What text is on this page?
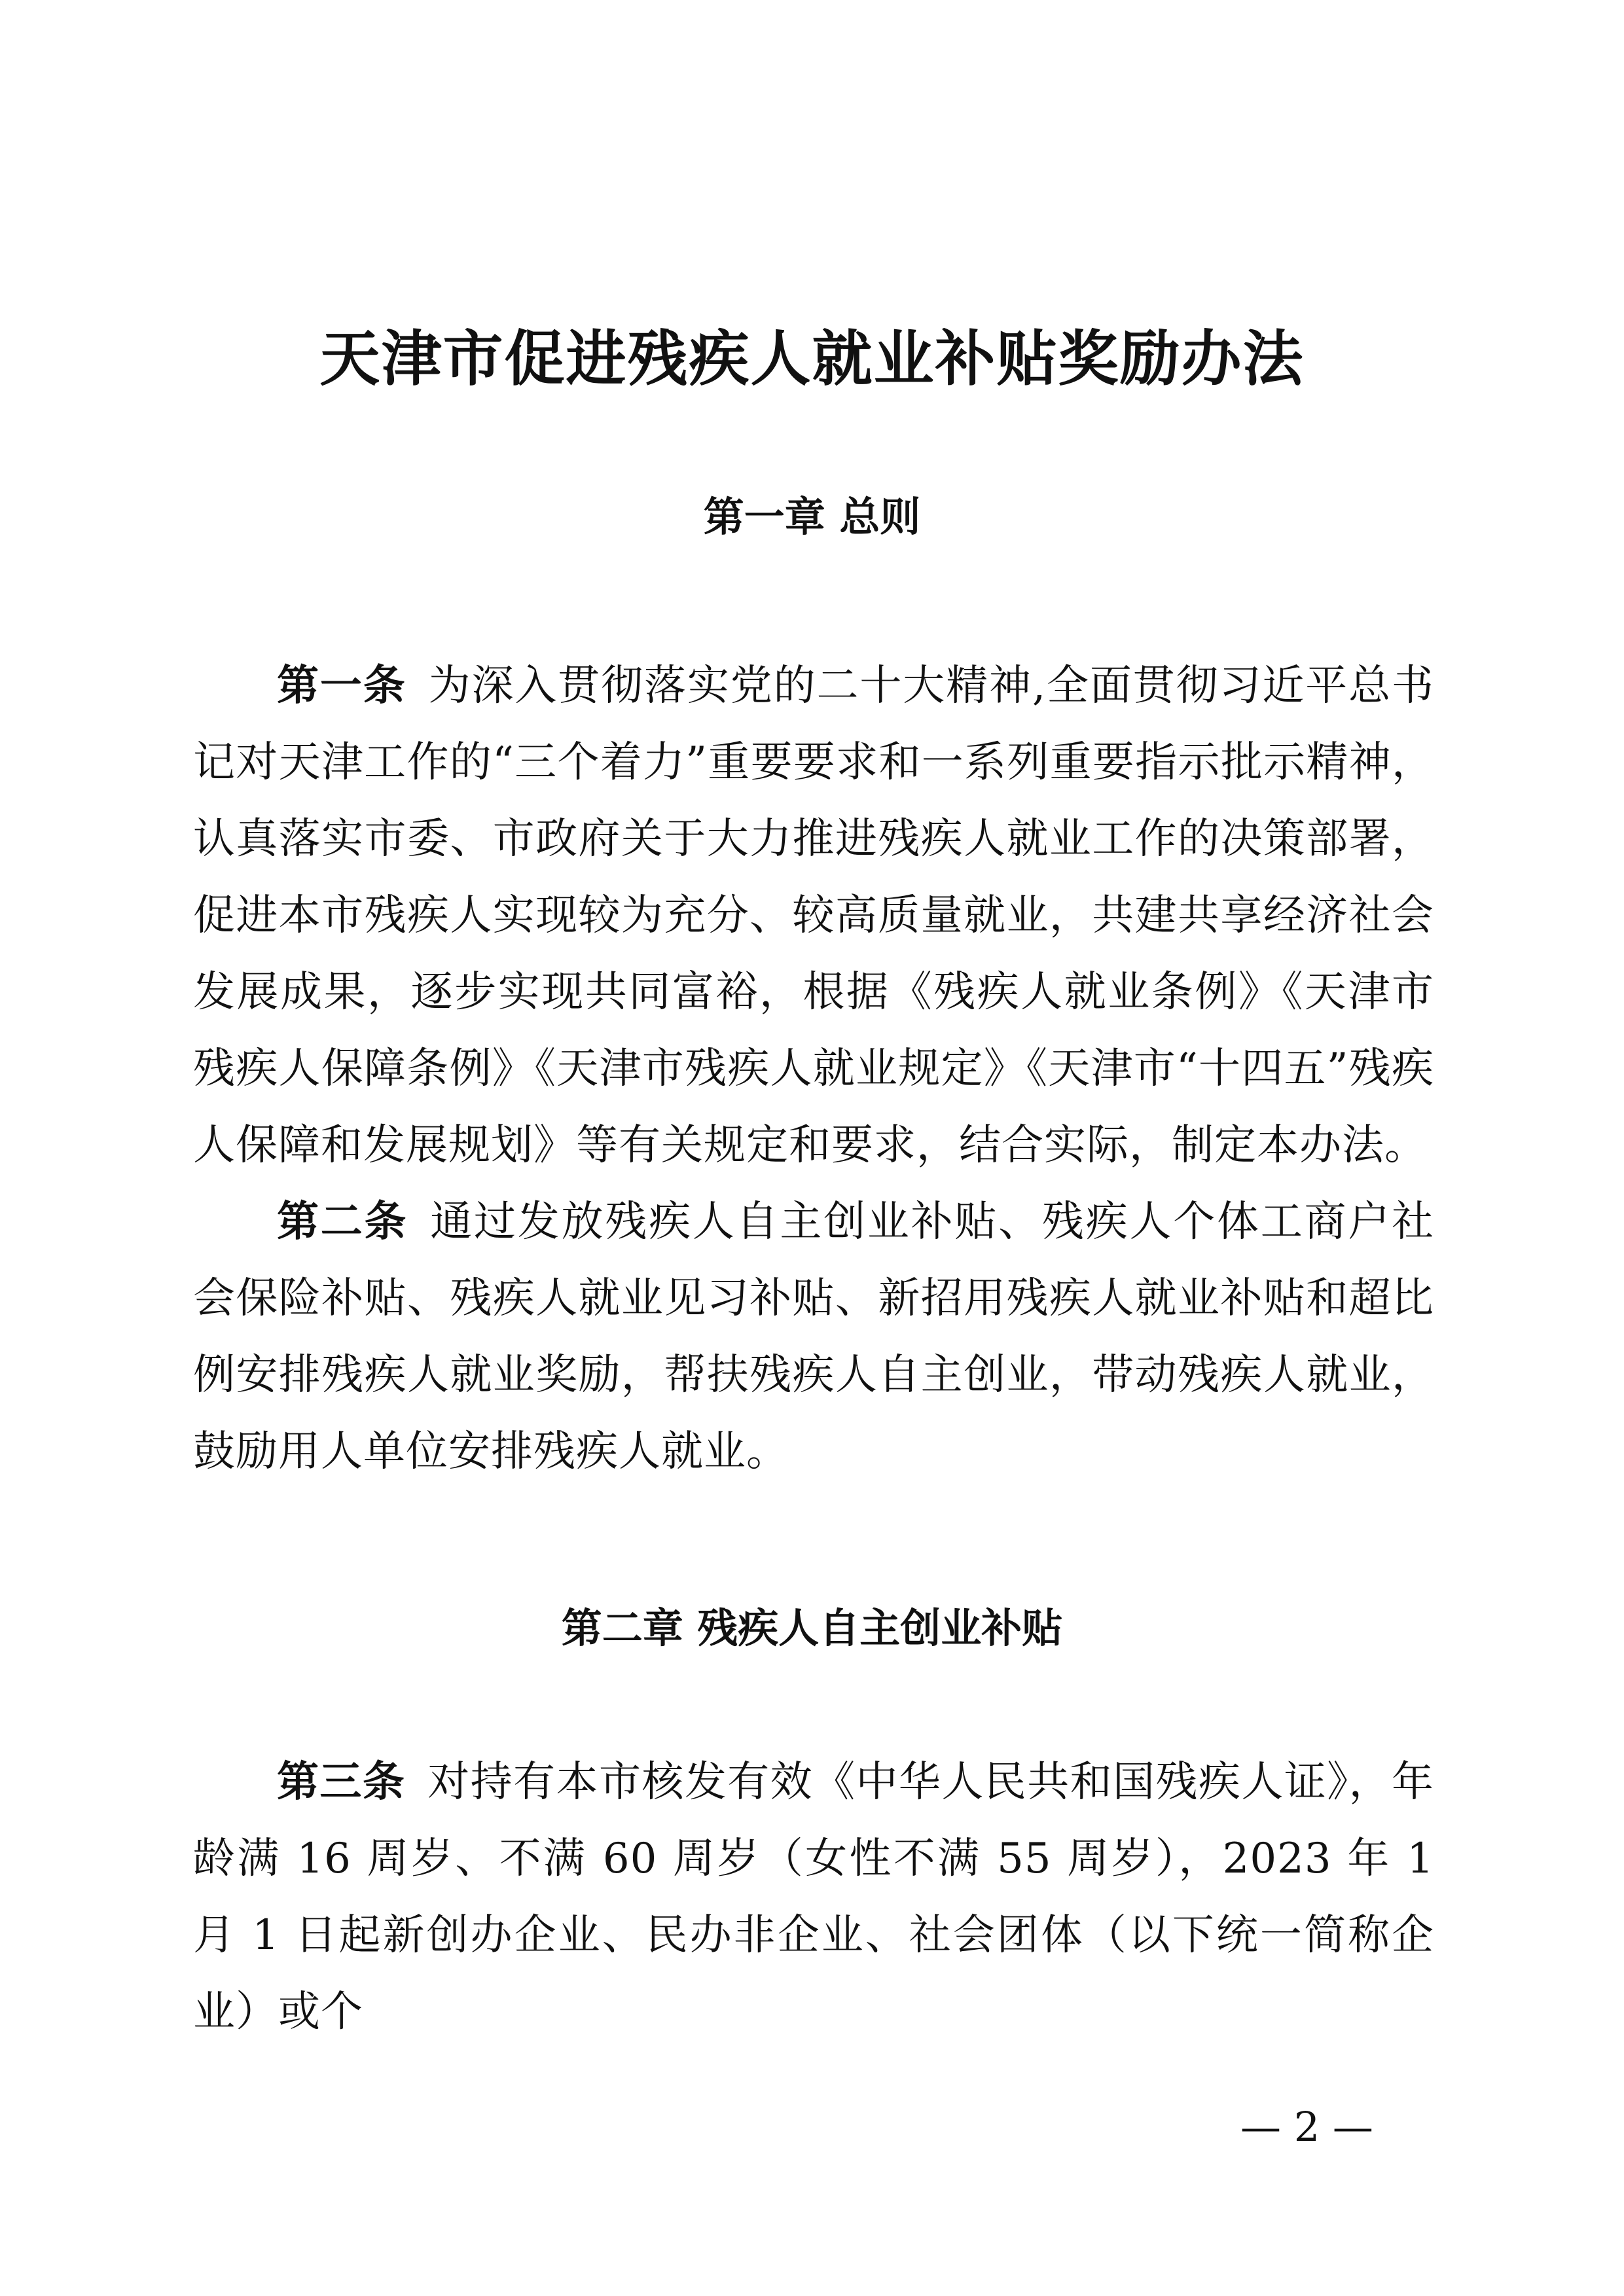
天津市促进残疾人就业补贴奖励办法
第一章 总则

第一条 为深入贯彻落实党的二十大精神,全面贯彻习近平总书记对天津工作的“三个着力”重要要求和一系列重要指示批示精神，认真落实市委、市政府关于大力推进残疾人就业工作的决策部署，促进本市残疾人实现较为充分、较高质量就业，共建共享经济社会发展成果，逐步实现共同富裕，根据《残疾人就业条例》《天津市残疾人保障条例》《天津市残疾人就业规定》《天津市“十四五”残疾人保障和发展规划》等有关规定和要求，结合实际，制定本办法。

第二条 通过发放残疾人自主创业补贴、残疾人个体工商户社会保险补贴、残疾人就业见习补贴、新招用残疾人就业补贴和超比例安排残疾人就业奖励，帮扶残疾人自主创业，带动残疾人就业，鼓励用人单位安排残疾人就业。

第二章 残疾人自主创业补贴

第三条 对持有本市核发有效《中华人民共和国残疾人证》，年龄满 16 周岁、不满 60 周岁（女性不满 55 周岁），2023 年 1 月 1 日起新创办企业、民办非企业、社会团体（以下统一简称企业）或个

— 2 —
